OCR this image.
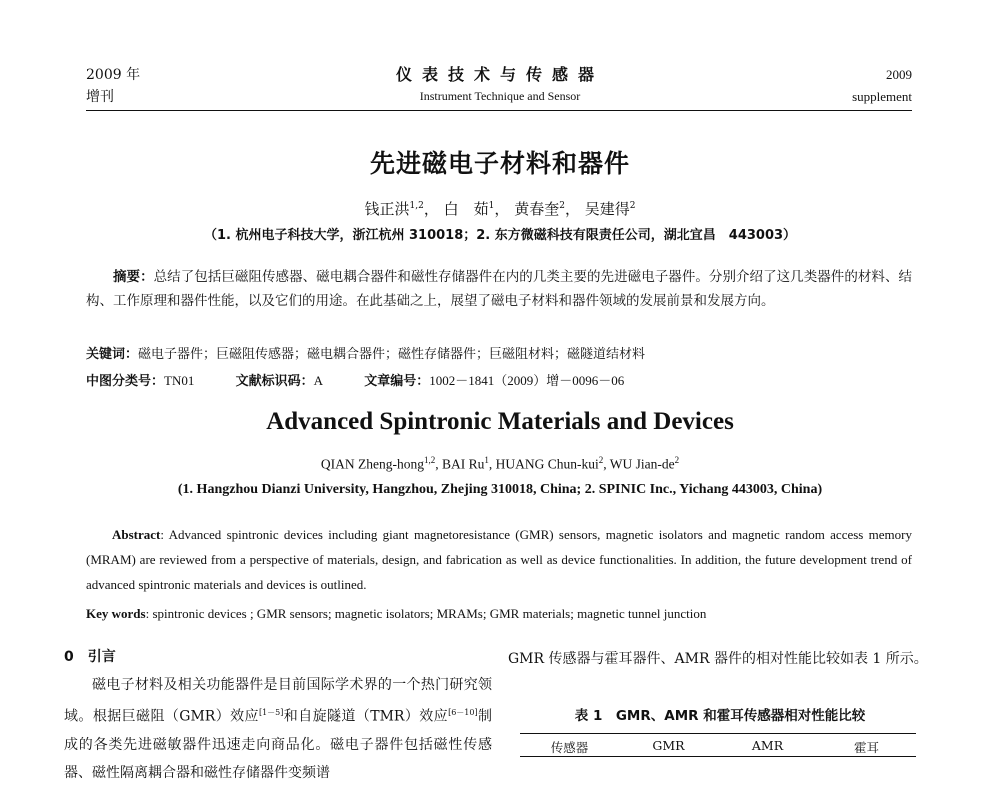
2009 年
增刊
仪表技术与传感器
Instrument Technique and Sensor
2009
supplement
先进磁电子材料和器件
钱正洪$^{1,2}$， 白　茹$^1$， 黄春奎$^2$， 吴建得$^2$
（1. 杭州电子科技大学，浙江杭州 310018；2. 东方微磁科技有限责任公司，湖北宜昌　443003）
摘要：总结了包括巨磁阻传感器、磁电耦合器件和磁性存储器件在内的几类主要的先进磁电子器件。分别介绍了这几类器件的材料、结构、工作原理和器件性能，以及它们的用途。在此基础之上，展望了磁电子材料和器件领域的发展前景和发展方向。
关键词：磁电子器件；巨磁阻传感器；磁电耦合器件；磁性存储器件；巨磁阻材料；磁隧道结材料
中图分类号：TN01	文献标识码：A	文章编号：1002－1841（2009）增－0096－06
Advanced Spintronic Materials and Devices
QIAN Zheng-hong$^{1,2}$, BAI Ru$^1$, HUANG Chun-kui$^2$, WU Jian-$de^2$
(1. Hangzhou Dianzi University, Hangzhou, Zhejing 310018, China; 2. SPINIC Inc., Yichang 443003, China)
Abstract: Advanced spintronic devices including giant magnetoresistance (GMR) sensors, magnetic isolators and magnetic random access memory (MRAM) are reviewed from a perspective of materials, design, and fabrication as well as device functionalities. In addition, the future development trend of advanced spintronic materials and devices is outlined.
Key words: spintronic devices ; GMR sensors; magnetic isolators; MRAMs; GMR materials; magnetic tunnel junction
0　引言

磁电子材料及相关功能器件是目前国际学术界的一个热门研究领域。根据巨磁阻（GMR）效应[1－5]和自旋隧道（TMR）效应[6－10]制成的各类先进磁敏器件迅速走向商品化。磁电子器件包括磁性传感器、磁性隔离耦合器和磁性存储器件变频谱

GMR 传感器与霍耳器件、AMR 器件的相对性能比较如表 1 所示。

表 1　GMR、AMR 和霍耳传感器相对性能比较
传感器	GMR	AMR	霍耳
